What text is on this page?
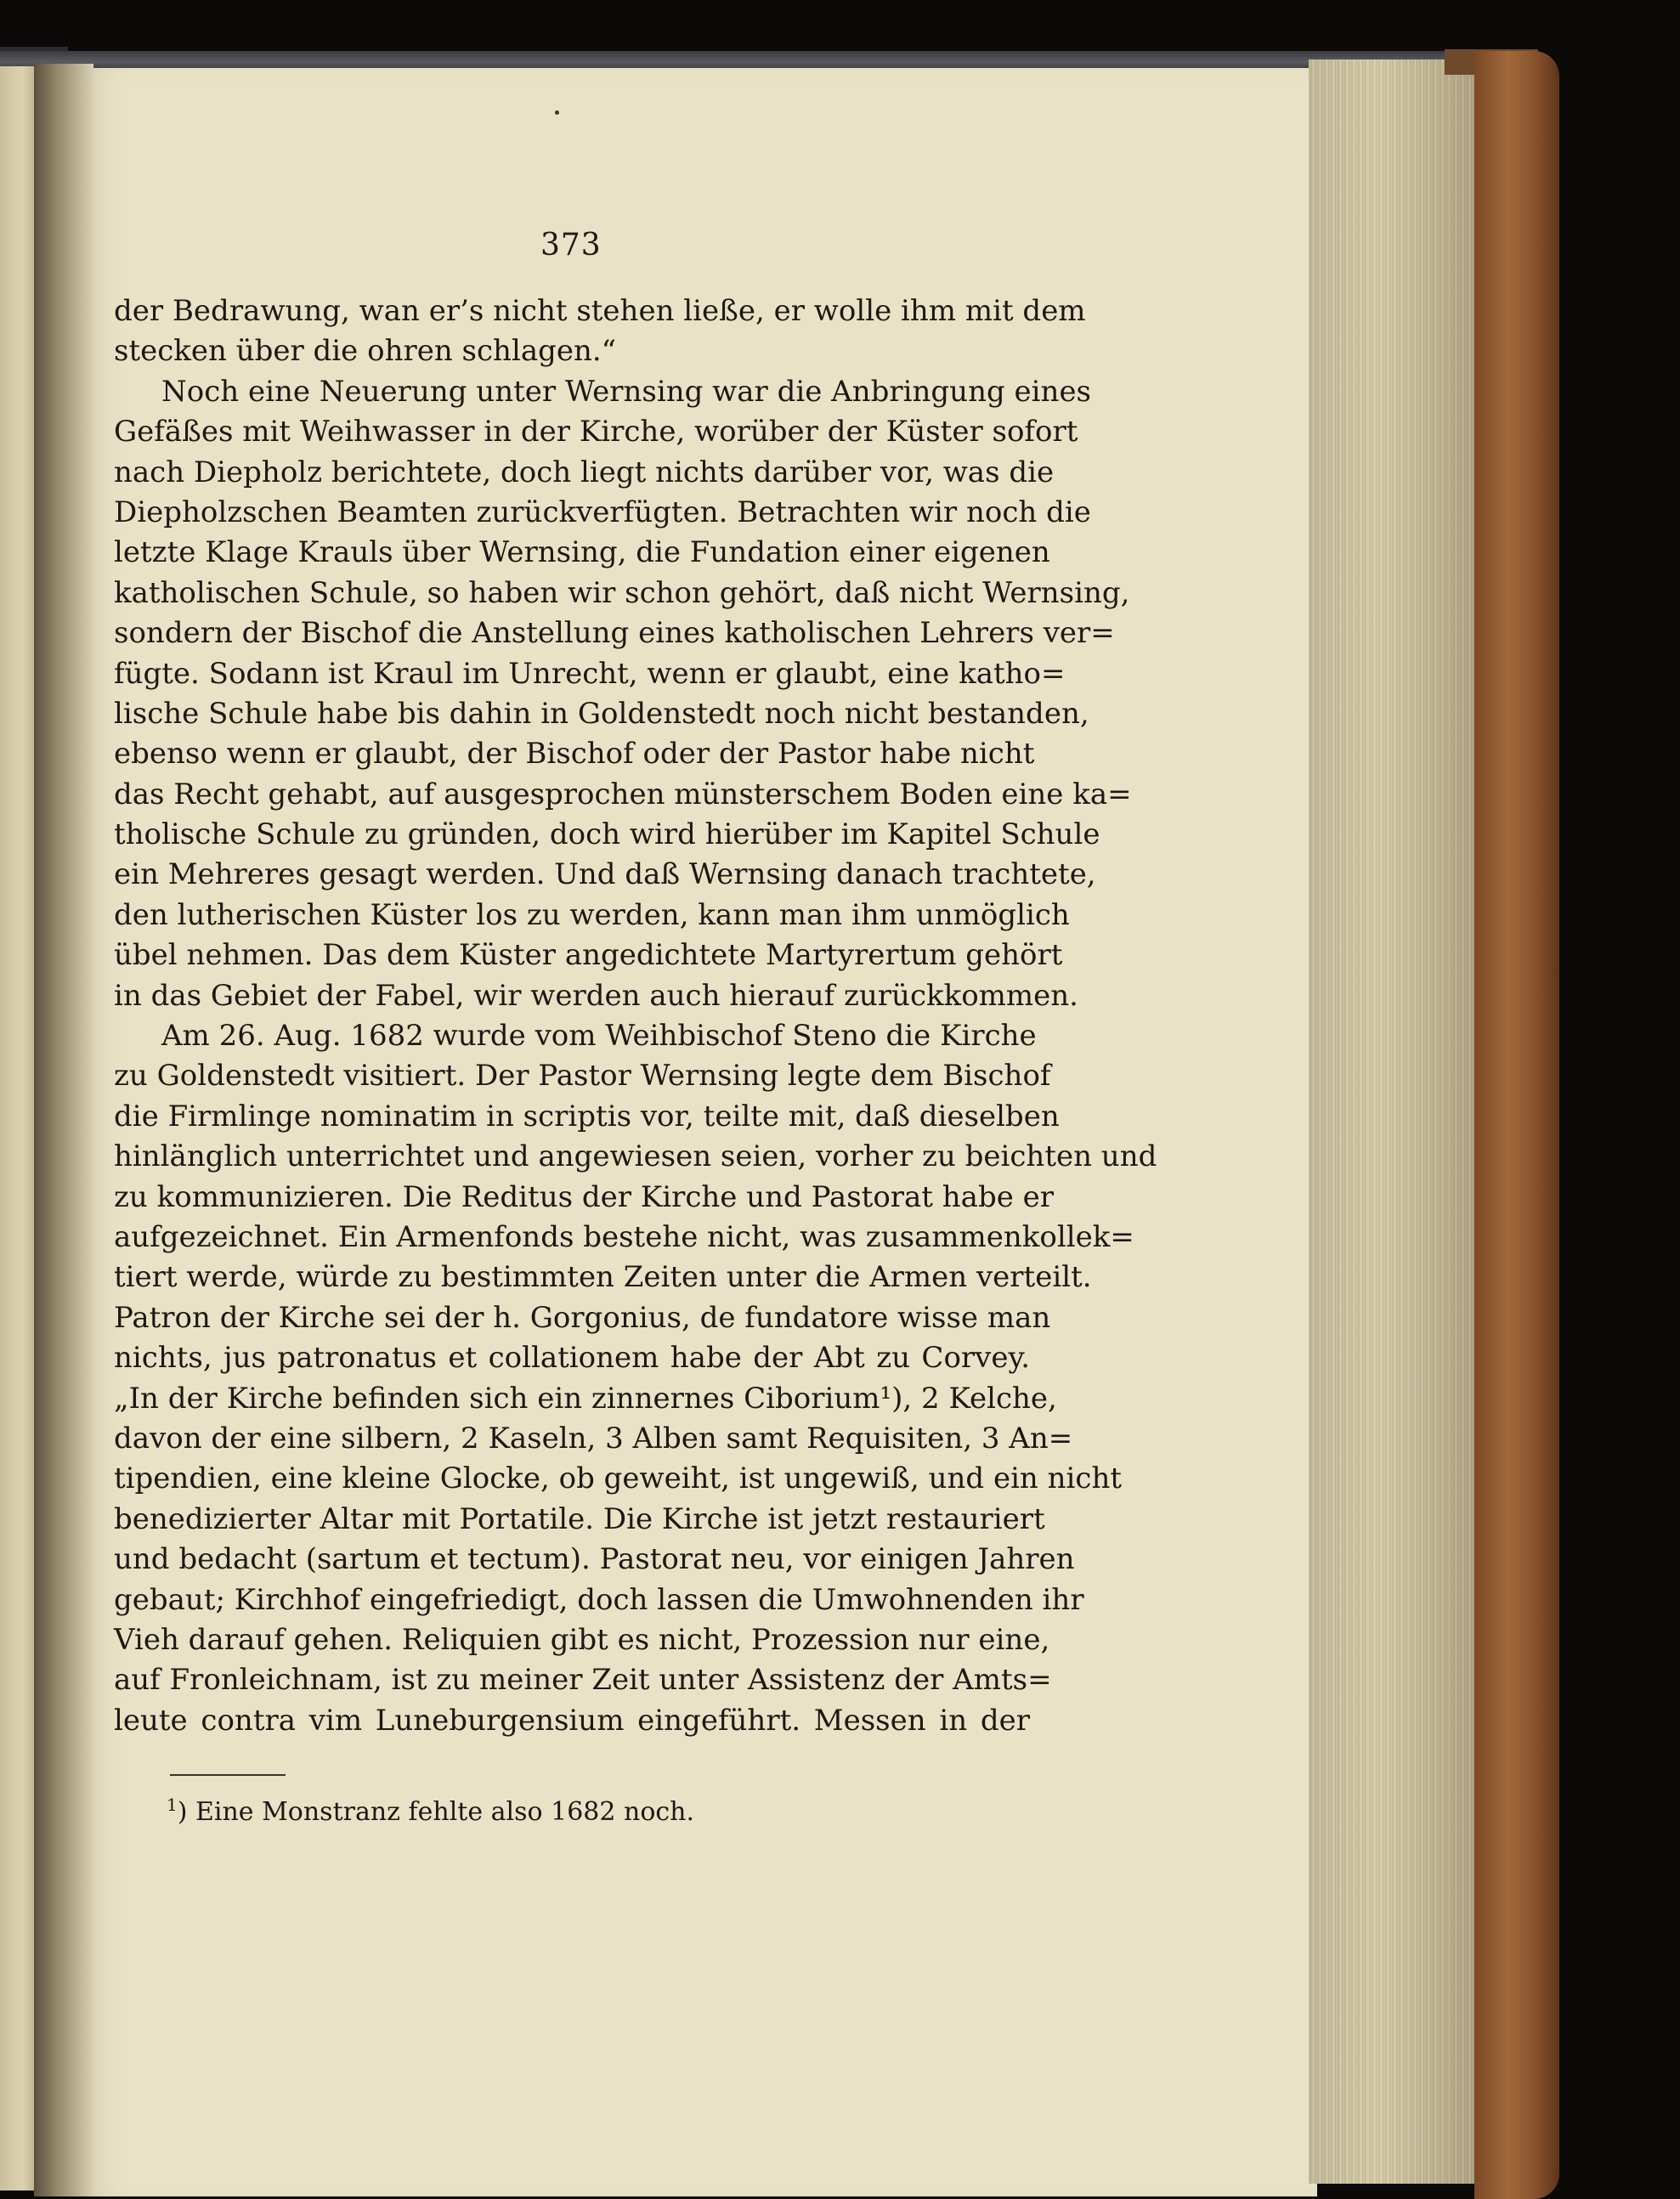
373
der Bedrawung, wan er’s nicht stehen ließe, er wolle ihm mit dem
stecken über die ohren schlagen.“
Noch eine Neuerung unter Wernsing war die Anbringung eines
Gefäßes mit Weihwasser in der Kirche, worüber der Küster sofort
nach Diepholz berichtete, doch liegt nichts darüber vor, was die
Diepholzschen Beamten zurückverfügten. Betrachten wir noch die
letzte Klage Krauls über Wernsing, die Fundation einer eigenen
katholischen Schule, so haben wir schon gehört, daß nicht Wernsing,
sondern der Bischof die Anstellung eines katholischen Lehrers ver=
fügte. Sodann ist Kraul im Unrecht, wenn er glaubt, eine katho=
lische Schule habe bis dahin in Goldenstedt noch nicht bestanden,
ebenso wenn er glaubt, der Bischof oder der Pastor habe nicht
das Recht gehabt, auf ausgesprochen münsterschem Boden eine ka=
tholische Schule zu gründen, doch wird hierüber im Kapitel Schule
ein Mehreres gesagt werden. Und daß Wernsing danach trachtete,
den lutherischen Küster los zu werden, kann man ihm unmöglich
übel nehmen. Das dem Küster angedichtete Martyrertum gehört
in das Gebiet der Fabel, wir werden auch hierauf zurückkommen.
Am 26. Aug. 1682 wurde vom Weihbischof Steno die Kirche
zu Goldenstedt visitiert. Der Pastor Wernsing legte dem Bischof
die Firmlinge nominatim in scriptis vor, teilte mit, daß dieselben
hinlänglich unterrichtet und angewiesen seien, vorher zu beichten und
zu kommunizieren. Die Reditus der Kirche und Pastorat habe er
aufgezeichnet. Ein Armenfonds bestehe nicht, was zusammenkollek=
tiert werde, würde zu bestimmten Zeiten unter die Armen verteilt.
Patron der Kirche sei der h. Gorgonius, de fundatore wisse man
nichts, jus patronatus et collationem habe der Abt zu Corvey.
„In der Kirche befinden sich ein zinnernes Ciborium¹), 2 Kelche,
davon der eine silbern, 2 Kaseln, 3 Alben samt Requisiten, 3 An=
tipendien, eine kleine Glocke, ob geweiht, ist ungewiß, und ein nicht
benedizierter Altar mit Portatile. Die Kirche ist jetzt restauriert
und bedacht (sartum et tectum). Pastorat neu, vor einigen Jahren
gebaut; Kirchhof eingefriedigt, doch lassen die Umwohnenden ihr
Vieh darauf gehen. Reliquien gibt es nicht, Prozession nur eine,
auf Fronleichnam, ist zu meiner Zeit unter Assistenz der Amts=
leute contra vim Luneburgensium eingeführt. Messen in der
$^1$) Eine Monstranz fehlte also 1682 noch.
